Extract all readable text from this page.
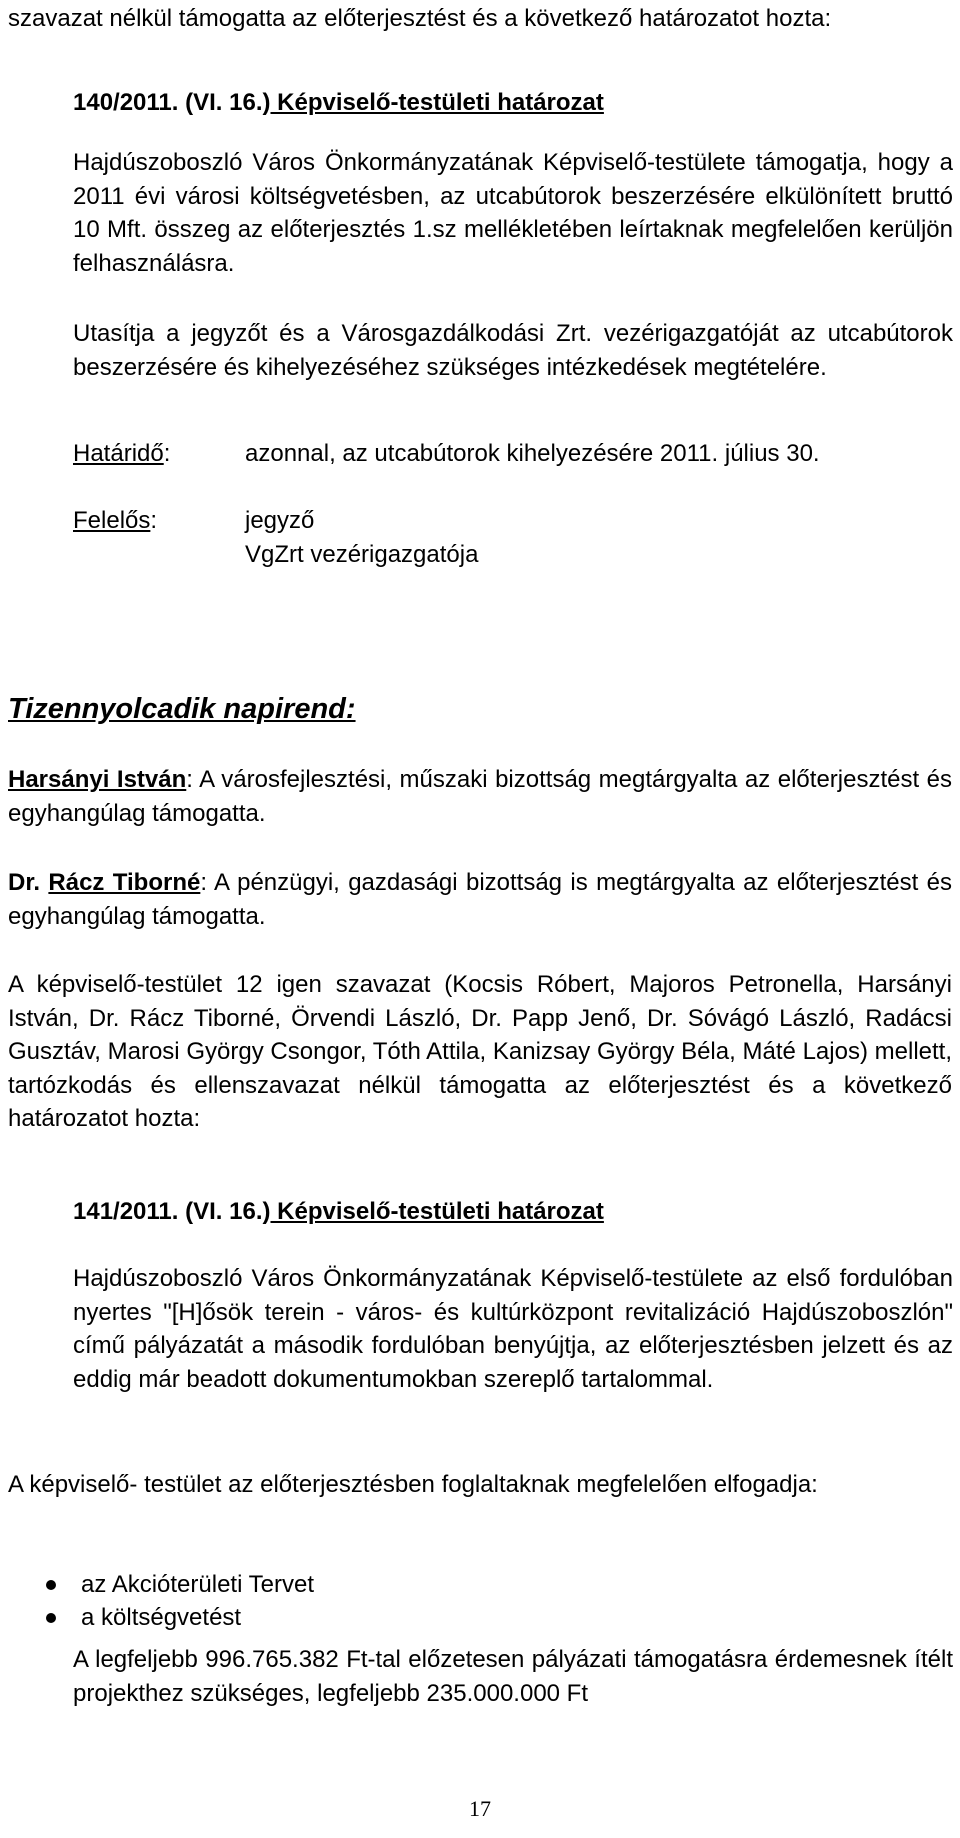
szavazat nélkül támogatta az előterjesztést és a következő határozatot hozta:

140/2011. (VI. 16.) Képviselő-testületi határozat

Hajdúszoboszló Város Önkormányzatának Képviselő-testülete támogatja, hogy a 2011 évi városi költségvetésben, az utcabútorok beszerzésére elkülönített bruttó 10 Mft. összeg az előterjesztés 1.sz mellékletében leírtaknak megfelelően kerüljön felhasználásra.

Utasítja a jegyzőt és a Városgazdálkodási Zrt. vezérigazgatóját az utcabútorok beszerzésére és kihelyezéséhez szükséges intézkedések megtételére.

Határidő:	azonnal, az utcabútorok kihelyezésére 2011. július 30.
Felelős:	jegyző
VgZrt vezérigazgatója

Tizennyolcadik napirend:

Harsányi István: A városfejlesztési, műszaki bizottság megtárgyalta az előterjesztést és egyhangúlag támogatta.

Dr. Rácz Tiborné: A pénzügyi, gazdasági bizottság is megtárgyalta az előterjesztést és egyhangúlag támogatta.

A képviselő-testület 12 igen szavazat (Kocsis Róbert, Majoros Petronella, Harsányi István, Dr. Rácz Tiborné, Örvendi László, Dr. Papp Jenő, Dr. Sóvágó László, Radácsi Gusztáv, Marosi György Csongor, Tóth Attila, Kanizsay György Béla, Máté Lajos) mellett, tartózkodás és ellenszavazat nélkül támogatta az előterjesztést és a következő határozatot hozta:

141/2011. (VI. 16.) Képviselő-testületi határozat

Hajdúszoboszló Város Önkormányzatának Képviselő-testülete az első fordulóban nyertes "[H]ősök terein - város- és kultúrközpont revitalizáció Hajdúszoboszlón" című pályázatát a második fordulóban benyújtja, az előterjesztésben jelzett és az eddig már beadott dokumentumokban szereplő tartalommal.

A képviselő- testület az előterjesztésben foglaltaknak megfelelően elfogadja:

az Akcióterületi Tervet
a költségvetést

A legfeljebb 996.765.382 Ft-tal előzetesen pályázati támogatásra érdemesnek ítélt projekthez szükséges, legfeljebb 235.000.000 Ft

17
